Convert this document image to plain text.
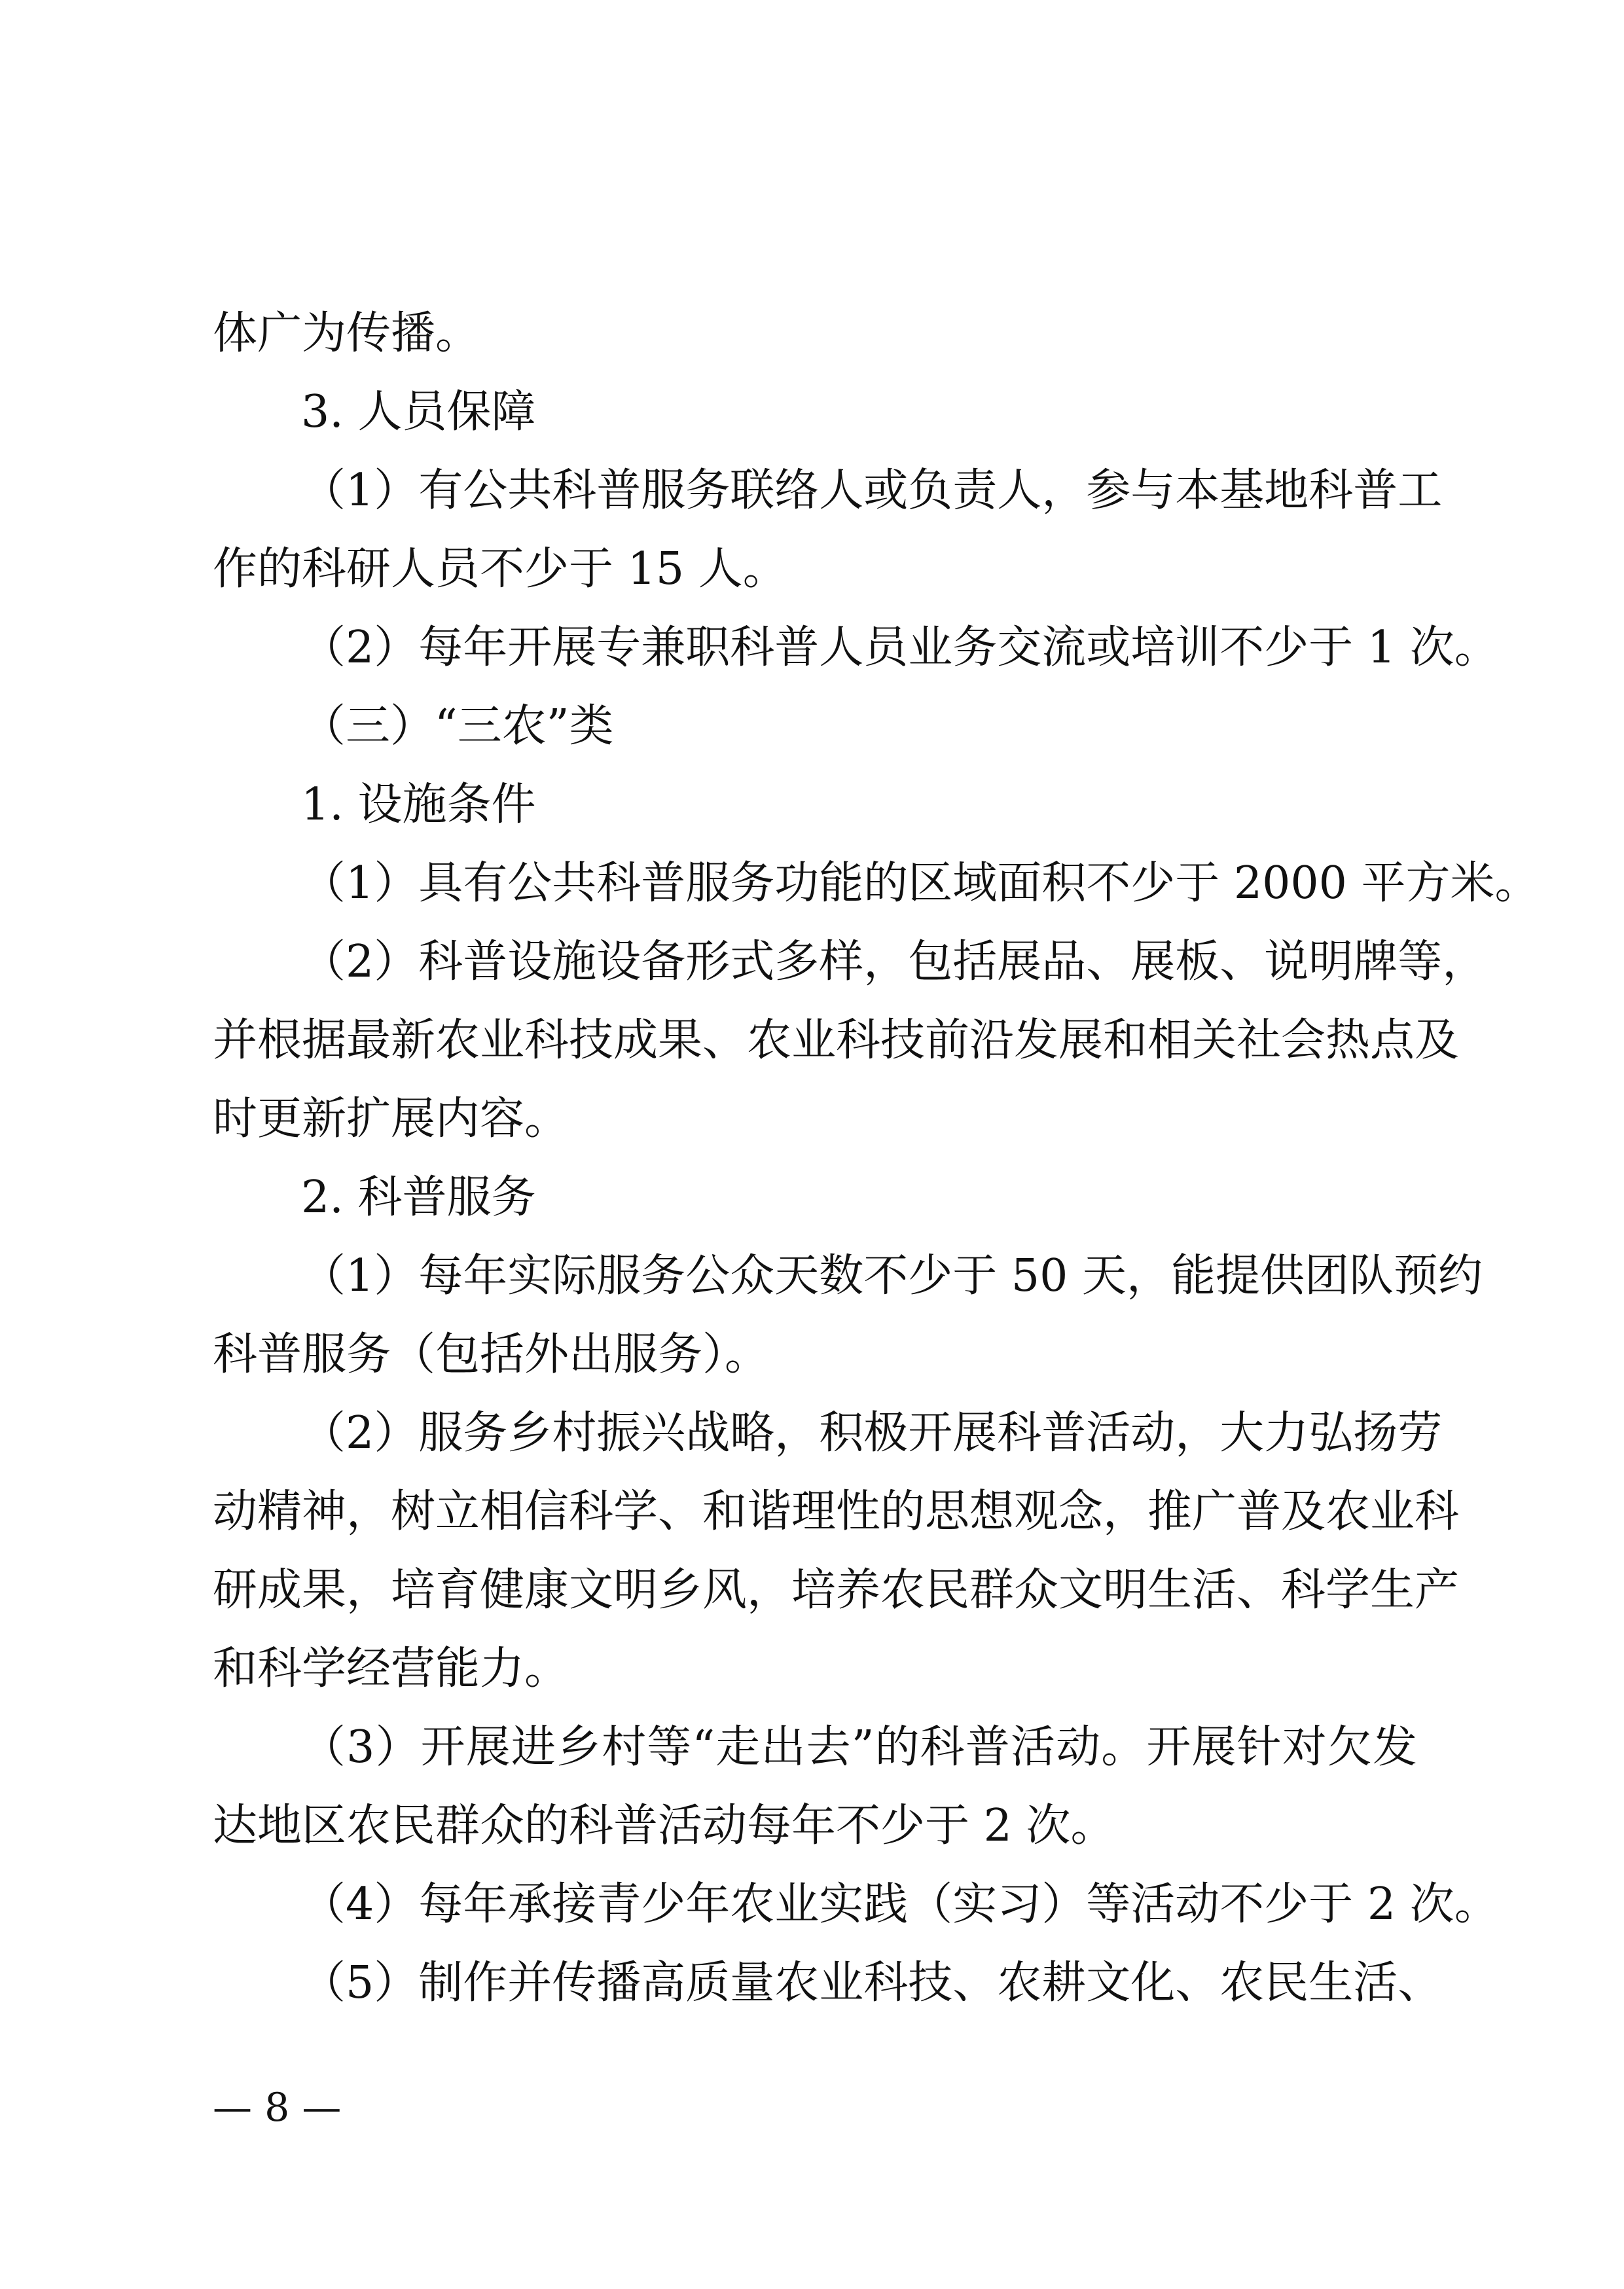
体广为传播。
3. 人员保障
（1）有公共科普服务联络人或负责人，参与本基地科普工
作的科研人员不少于 15 人。
（2）每年开展专兼职科普人员业务交流或培训不少于 1 次。
（三）“三农”类
1. 设施条件
（1）具有公共科普服务功能的区域面积不少于 2000 平方米。
（2）科普设施设备形式多样，包括展品、展板、说明牌等，
并根据最新农业科技成果、农业科技前沿发展和相关社会热点及
时更新扩展内容。
2. 科普服务
（1）每年实际服务公众天数不少于 50 天，能提供团队预约
科普服务（包括外出服务）。
（2）服务乡村振兴战略，积极开展科普活动，大力弘扬劳
动精神，树立相信科学、和谐理性的思想观念，推广普及农业科
研成果，培育健康文明乡风，培养农民群众文明生活、科学生产
和科学经营能力。
（3）开展进乡村等“走出去”的科普活动。开展针对欠发
达地区农民群众的科普活动每年不少于 2 次。
（4）每年承接青少年农业实践（实习）等活动不少于 2 次。
（5）制作并传播高质量农业科技、农耕文化、农民生活、
— 8 —
